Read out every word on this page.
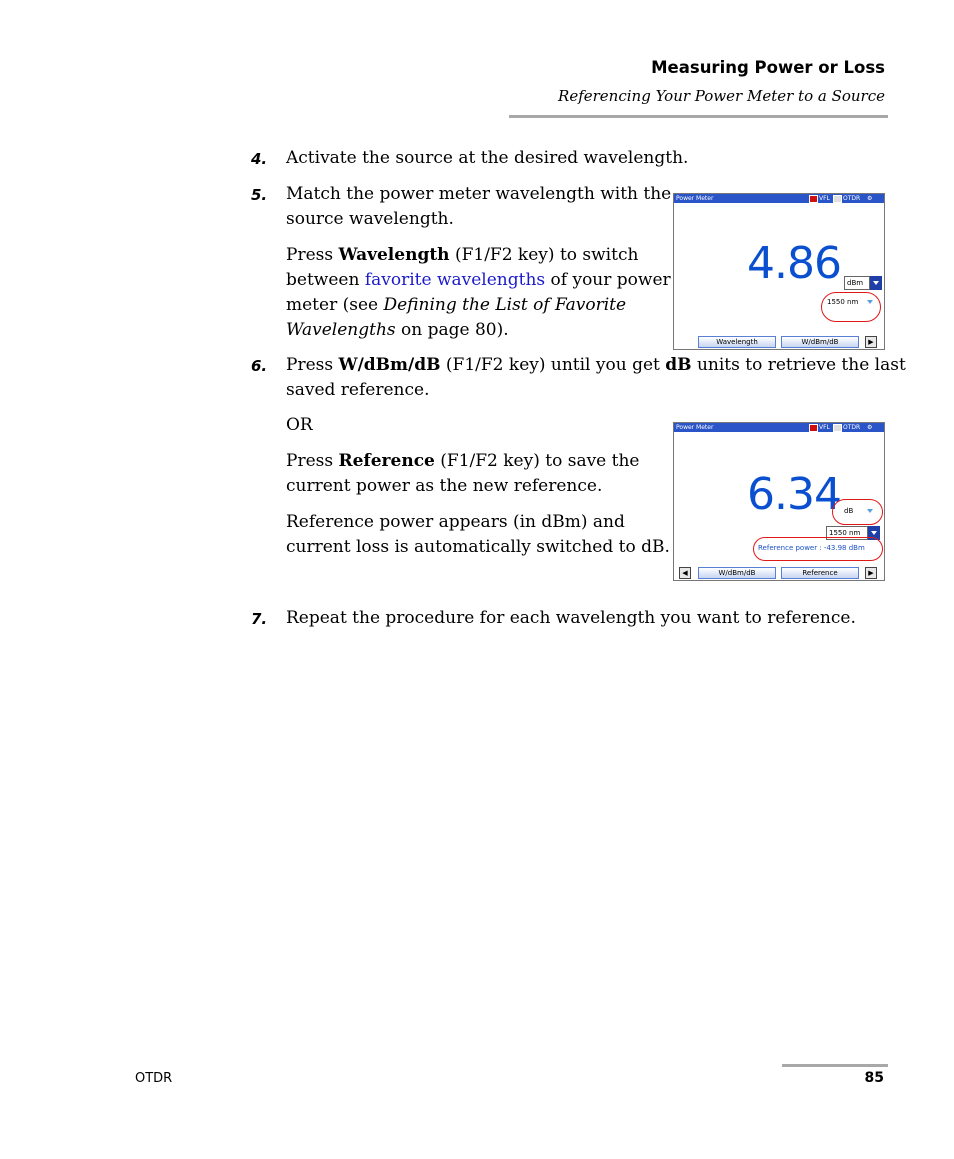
Measuring Power or Loss
Referencing Your Power Meter to a Source
4. Activate the source at the desired wavelength.
5. Match the power meter wavelength with the
source wavelength.
Press Wavelength (F1/F2 key) to switch
between favorite wavelengths of your power
meter (see Defining the List of Favorite
Wavelengths on page 80).
Power Meter	VFL OTDR ⚙
4.86 dBm
1550 nm
Wavelength	W/dBm/dB	▶
6. Press W/dBm/dB (F1/F2 key) until you get dB units to retrieve the last
saved reference.
OR
Press Reference (F1/F2 key) to save the
current power as the new reference.
Reference power appears (in dBm) and
current loss is automatically switched to dB.
Power Meter	VFL OTDR ⚙
6.34 dB
1550 nm
Reference power : -43.98 dBm
◀	W/dBm/dB	Reference	▶
7. Repeat the procedure for each wavelength you want to reference.
OTDR	85
